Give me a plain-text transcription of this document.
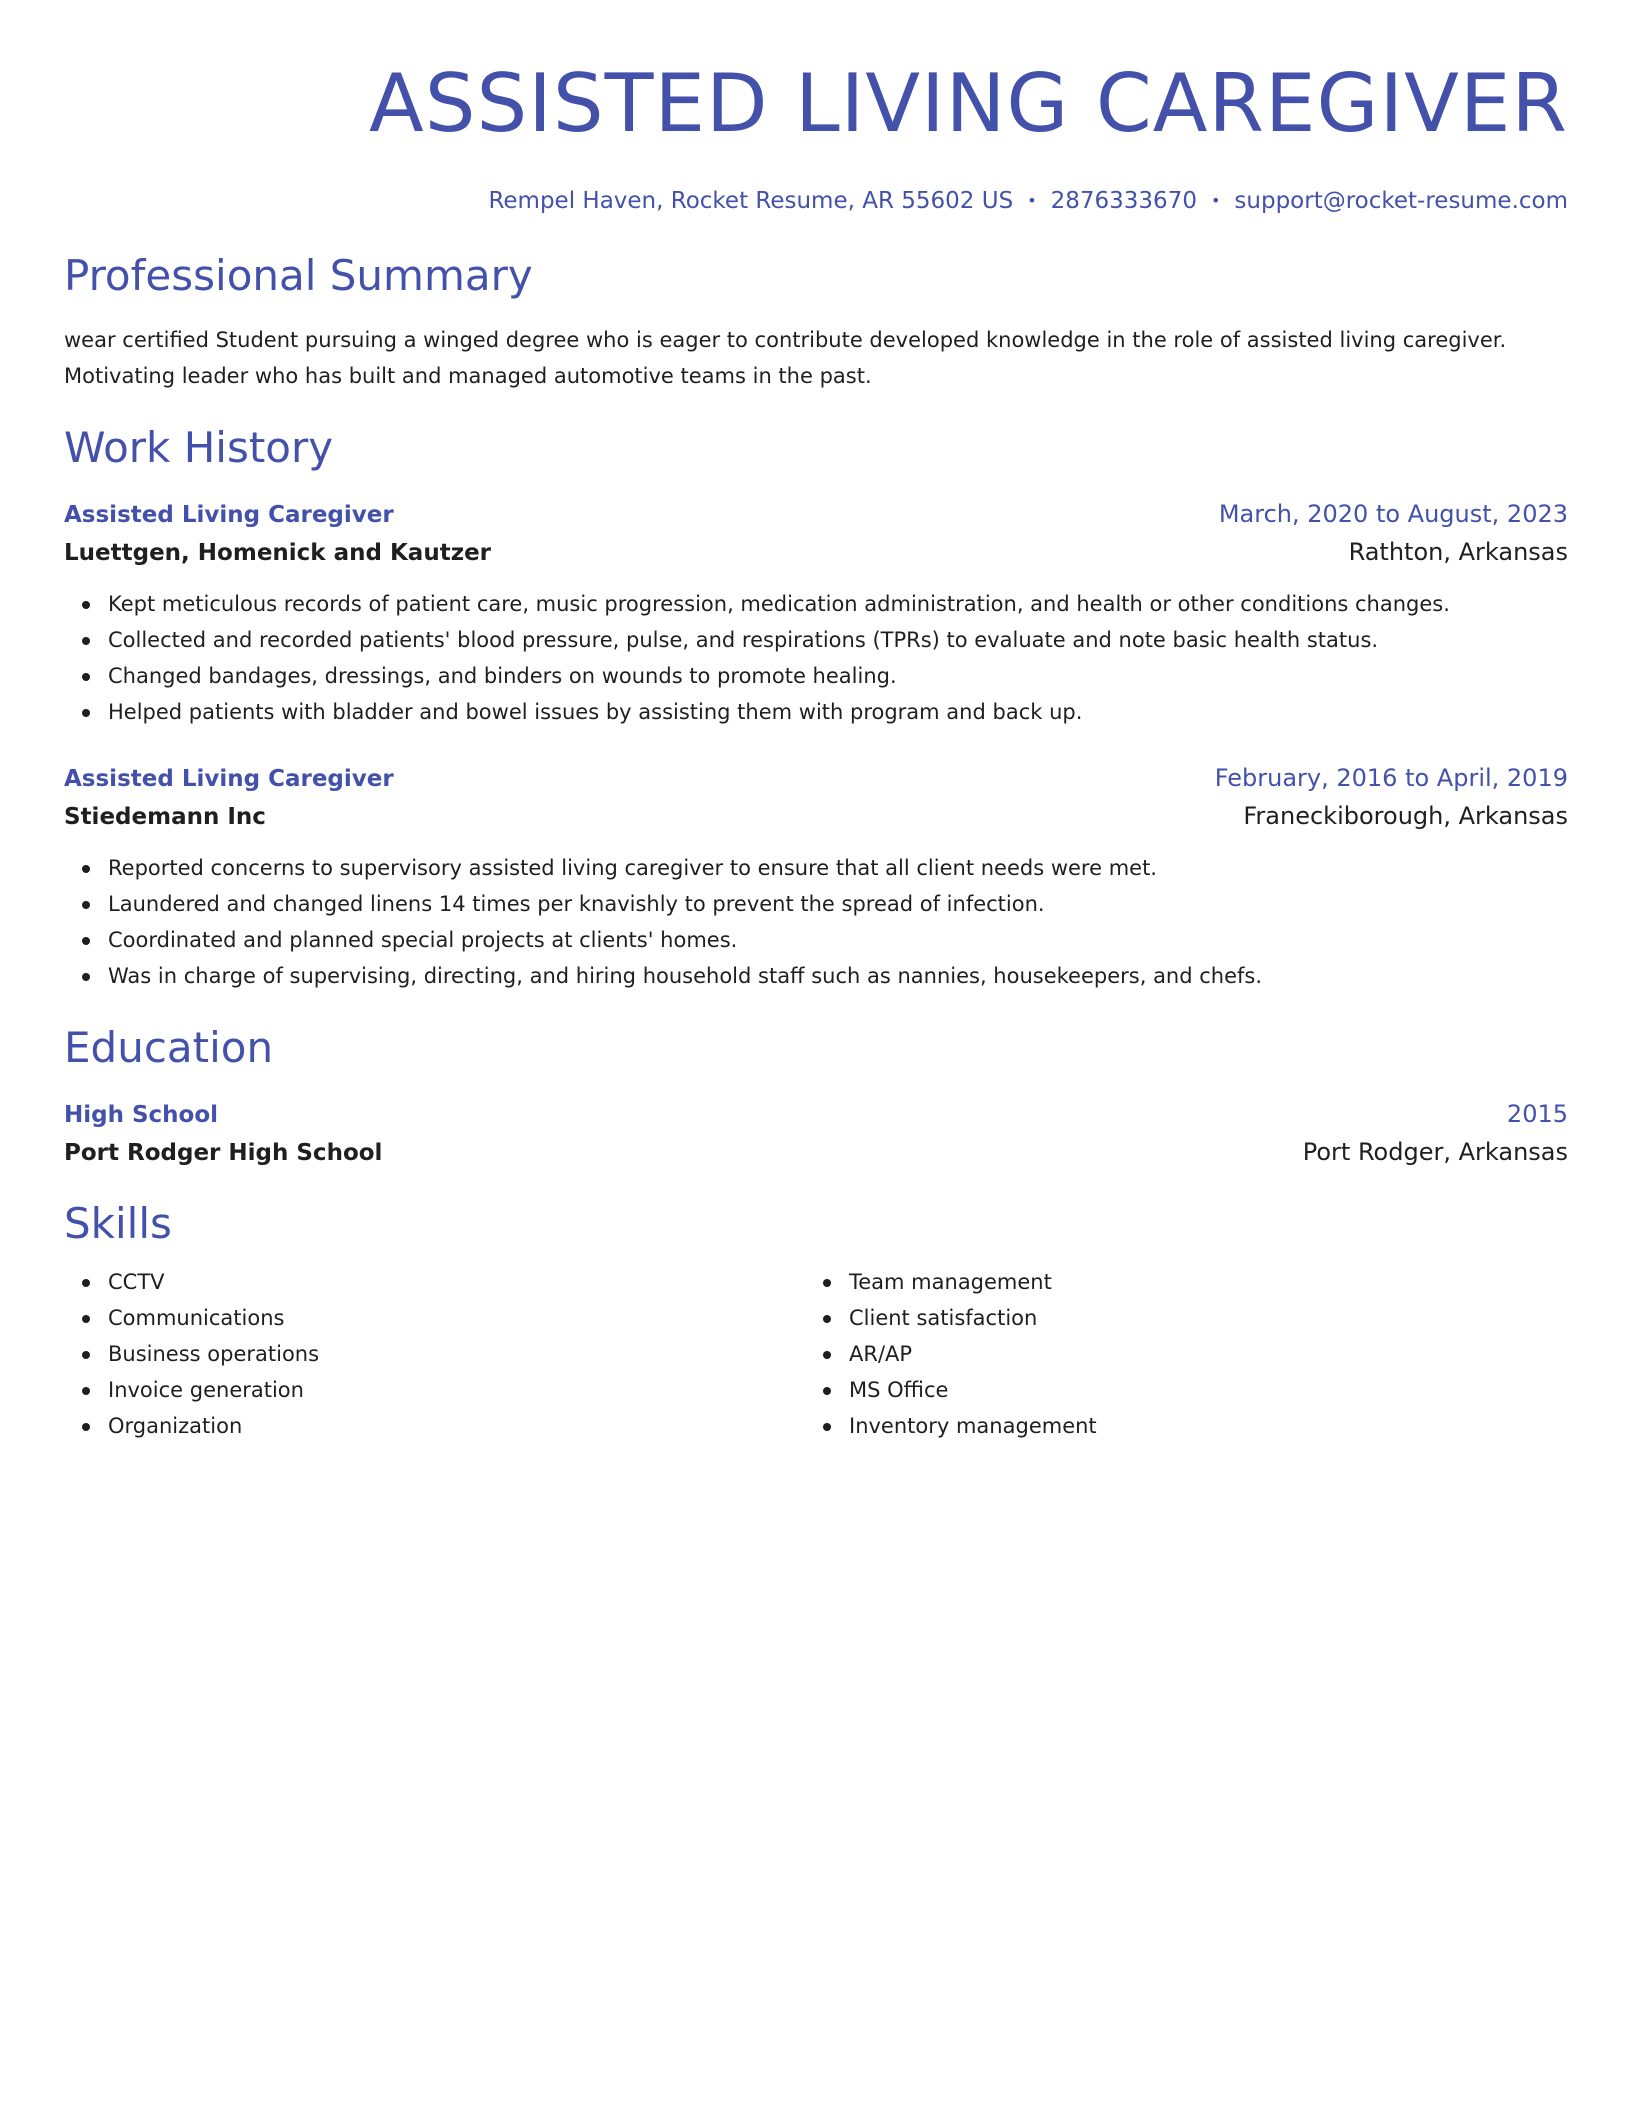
ASSISTED LIVING CAREGIVER
Rempel Haven, Rocket Resume, AR 55602 US • 2876333670 • support@rocket-resume.com
Professional Summary
wear certified Student pursuing a winged degree who is eager to contribute developed knowledge in the role of assisted living caregiver. Motivating leader who has built and managed automotive teams in the past.
Work History
Assisted Living Caregiver	March, 2020 to August, 2023
Luettgen, Homenick and Kautzer	Rathton, Arkansas
Kept meticulous records of patient care, music progression, medication administration, and health or other conditions changes.
Collected and recorded patients' blood pressure, pulse, and respirations (TPRs) to evaluate and note basic health status.
Changed bandages, dressings, and binders on wounds to promote healing.
Helped patients with bladder and bowel issues by assisting them with program and back up.
Assisted Living Caregiver	February, 2016 to April, 2019
Stiedemann Inc	Franeckiborough, Arkansas
Reported concerns to supervisory assisted living caregiver to ensure that all client needs were met.
Laundered and changed linens 14 times per knavishly to prevent the spread of infection.
Coordinated and planned special projects at clients' homes.
Was in charge of supervising, directing, and hiring household staff such as nannies, housekeepers, and chefs.
Education
High School	2015
Port Rodger High School	Port Rodger, Arkansas
Skills
CCTV
Communications
Business operations
Invoice generation
Organization
Team management
Client satisfaction
AR/AP
MS Office
Inventory management
